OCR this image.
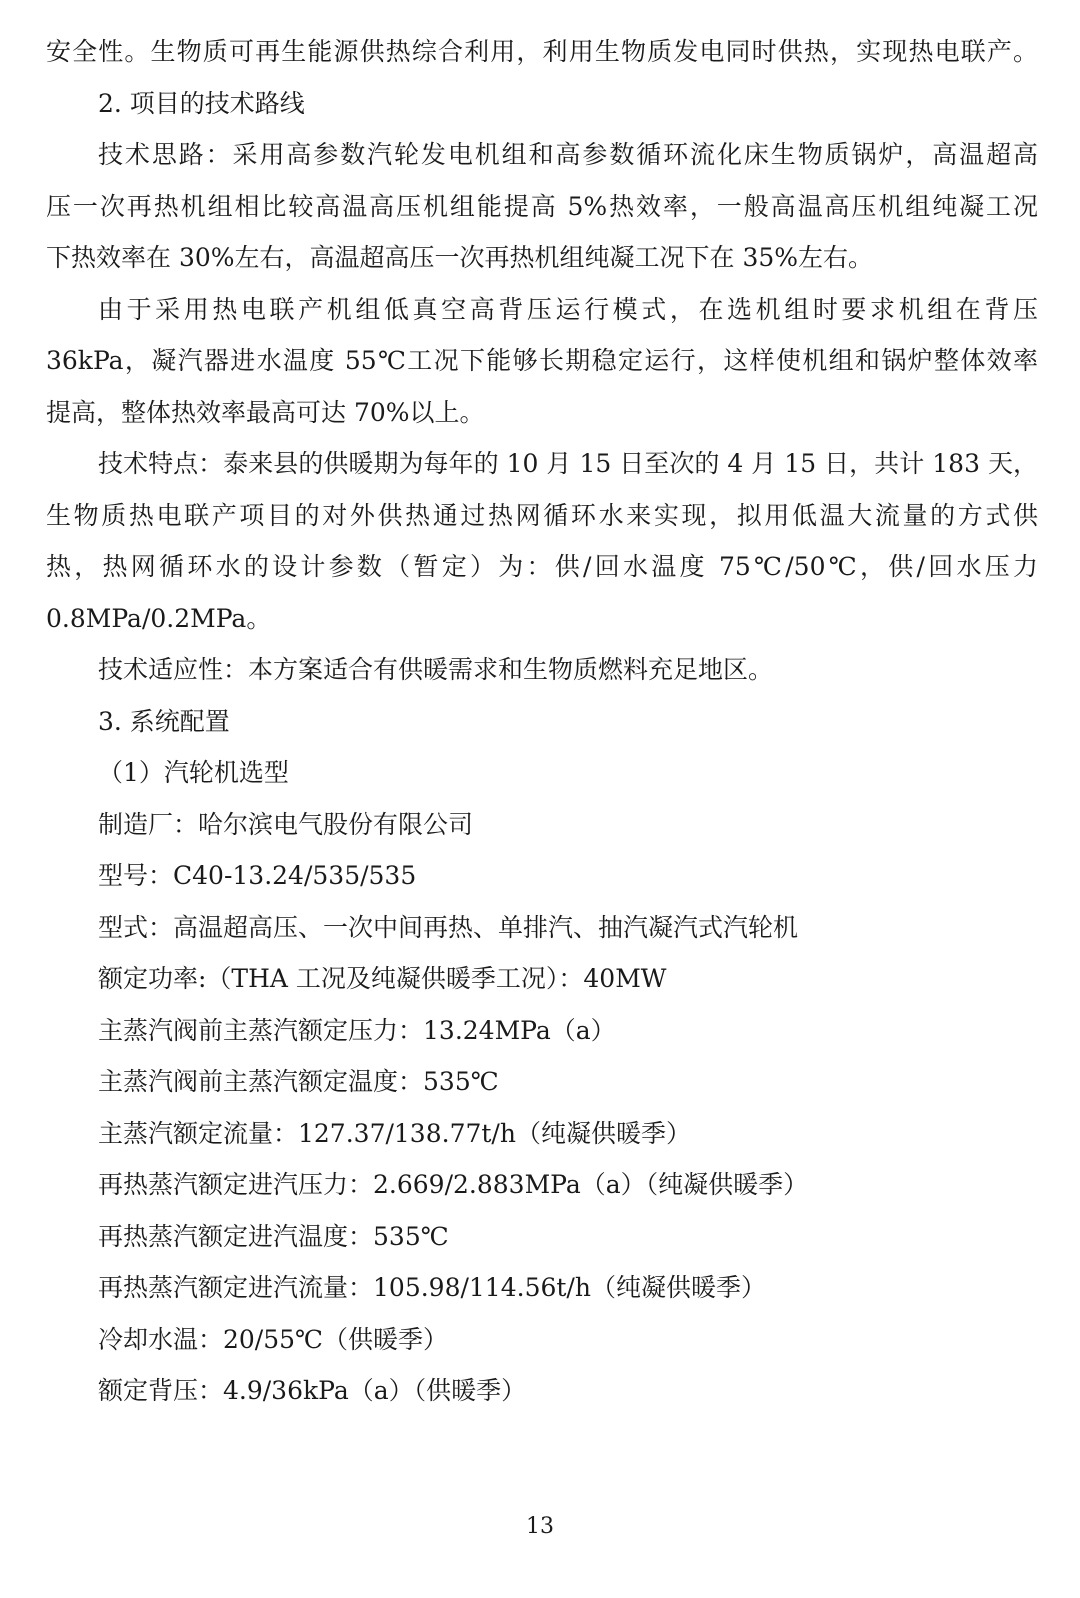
安全性。生物质可再生能源供热综合利用，利用生物质发电同时供热，实现热电联产。
2. 项目的技术路线
技术思路：采用高参数汽轮发电机组和高参数循环流化床生物质锅炉，高温超高
压一次再热机组相比较高温高压机组能提高 5%热效率，一般高温高压机组纯凝工况
下热效率在 30%左右，高温超高压一次再热机组纯凝工况下在 35%左右。
由于采用热电联产机组低真空高背压运行模式，在选机组时要求机组在背压
36kPa，凝汽器进水温度 55℃工况下能够长期稳定运行，这样使机组和锅炉整体效率
提高，整体热效率最高可达 70%以上。
技术特点：泰来县的供暖期为每年的 10 月 15 日至次的 4 月 15 日，共计 183 天，
生物质热电联产项目的对外供热通过热网循环水来实现，拟用低温大流量的方式供
热，热网循环水的设计参数（暂定）为：供/回水温度 75℃/50℃，供/回水压力
0.8MPa/0.2MPa。
技术适应性：本方案适合有供暖需求和生物质燃料充足地区。
3. 系统配置
（1）汽轮机选型
制造厂：哈尔滨电气股份有限公司
型号：C40-13.24/535/535
型式：高温超高压、一次中间再热、单排汽、抽汽凝汽式汽轮机
额定功率:（THA 工况及纯凝供暖季工况）：40MW
主蒸汽阀前主蒸汽额定压力：13.24MPa（a）
主蒸汽阀前主蒸汽额定温度：535℃
主蒸汽额定流量：127.37/138.77t/h（纯凝供暖季）
再热蒸汽额定进汽压力：2.669/2.883MPa（a）（纯凝供暖季）
再热蒸汽额定进汽温度：535℃
再热蒸汽额定进汽流量：105.98/114.56t/h（纯凝供暖季）
冷却水温：20/55℃（供暖季）
额定背压：4.9/36kPa（a）（供暖季）
13
